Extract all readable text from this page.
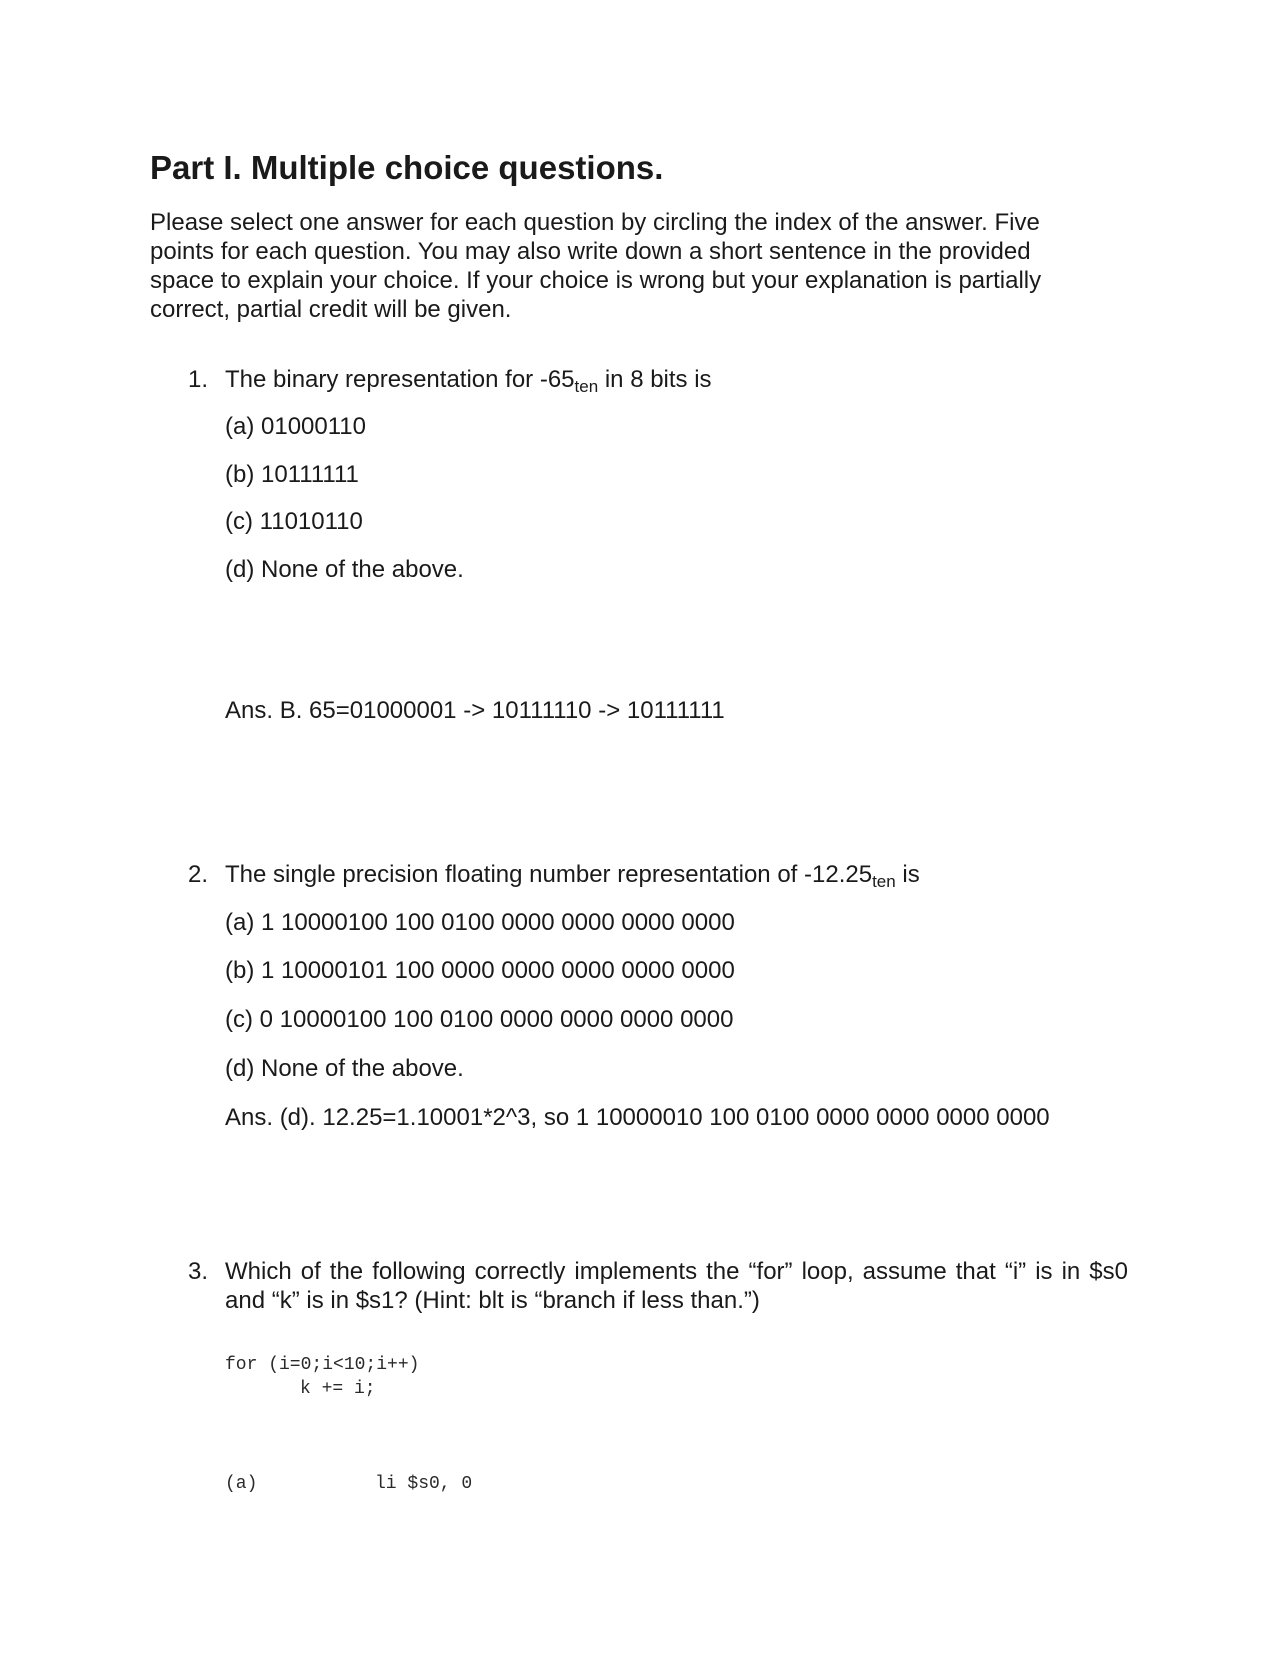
Part I. Multiple choice questions.

Please select one answer for each question by circling the index of the answer. Five points for each question. You may also write down a short sentence in the provided space to explain your choice. If your choice is wrong but your explanation is partially correct, partial credit will be given.

1. The binary representation for $-65_{ten}$ in 8 bits is

(a) 01000110

(b) 10111111

(c) 11010110

(d) None of the above.

Ans. B. 65=01000001 -> 10111110 -> 10111111

2. The single precision floating number representation of $-12.25_{ten}$ is

(a) 1 10000100 100 0100 0000 0000 0000 0000

(b) 1 10000101 100 0000 0000 0000 0000 0000

(c) 0 10000100 100 0100 0000 0000 0000 0000

(d) None of the above.

Ans. (d). 12.25=1.10001*2^3, so 1 10000010 100 0100 0000 0000 0000 0000

3. Which of the following correctly implements the “for” loop, assume that “i” is in $s0 and “k” is in $s1? (Hint: blt is “branch if less than.”)

for (i=0;i<10;i++)

k += i;

(a)	li $s0, 0
